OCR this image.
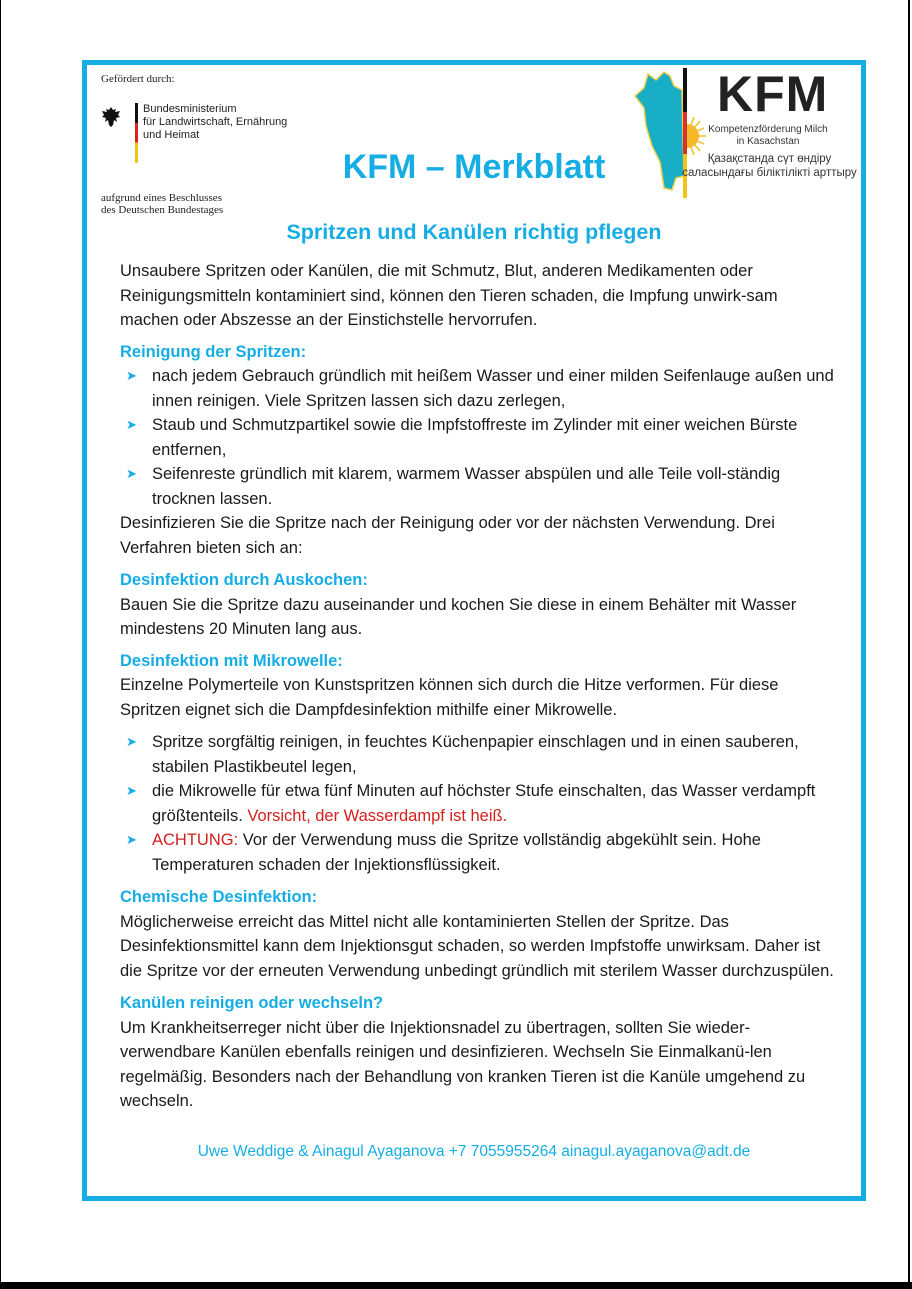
Gefördert durch:
Bundesministerium
für Landwirtschaft, Ernährung
und Heimat
aufgrund eines Beschlusses
des Deutschen Bundestages
KFM
Kompetenzförderung Milch
in Kasachstan
Қазақстанда сүт өндіру
саласындағы біліктілікті арттыру
KFM – Merkblatt
Spritzen und Kanülen richtig pflegen

Unsaubere Spritzen oder Kanülen, die mit Schmutz, Blut, anderen Medikamenten oder Reinigungsmitteln kontaminiert sind, können den Tieren schaden, die Impfung unwirk-sam machen oder Abszesse an der Einstichstelle hervorrufen.

Reinigung der Spritzen:

➤ nach jedem Gebrauch gründlich mit heißem Wasser und einer milden Seifenlauge außen und innen reinigen. Viele Spritzen lassen sich dazu zerlegen,
➤ Staub und Schmutzpartikel sowie die Impfstoffreste im Zylinder mit einer weichen Bürste entfernen,
➤ Seifenreste gründlich mit klarem, warmem Wasser abspülen und alle Teile voll-ständig trocknen lassen.

Desinfizieren Sie die Spritze nach der Reinigung oder vor der nächsten Verwendung. Drei Verfahren bieten sich an:

Desinfektion durch Auskochen:

Bauen Sie die Spritze dazu auseinander und kochen Sie diese in einem Behälter mit Wasser mindestens 20 Minuten lang aus.

Desinfektion mit Mikrowelle:

Einzelne Polymerteile von Kunstspritzen können sich durch die Hitze verformen. Für diese Spritzen eignet sich die Dampfdesinfektion mithilfe einer Mikrowelle.

➤ Spritze sorgfältig reinigen, in feuchtes Küchenpapier einschlagen und in einen sauberen, stabilen Plastikbeutel legen,
➤ die Mikrowelle für etwa fünf Minuten auf höchster Stufe einschalten, das Wasser verdampft größtenteils. Vorsicht, der Wasserdampf ist heiß.
➤ ACHTUNG: Vor der Verwendung muss die Spritze vollständig abgekühlt sein. Hohe Temperaturen schaden der Injektionsflüssigkeit.

Chemische Desinfektion:

Möglicherweise erreicht das Mittel nicht alle kontaminierten Stellen der Spritze. Das Desinfektionsmittel kann dem Injektionsgut schaden, so werden Impfstoffe unwirksam. Daher ist die Spritze vor der erneuten Verwendung unbedingt gründlich mit sterilem Wasser durchzuspülen.

Kanülen reinigen oder wechseln?

Um Krankheitserreger nicht über die Injektionsnadel zu übertragen, sollten Sie wieder-verwendbare Kanülen ebenfalls reinigen und desinfizieren. Wechseln Sie Einmalkanü-len regelmäßig. Besonders nach der Behandlung von kranken Tieren ist die Kanüle umgehend zu wechseln.

Uwe Weddige & Ainagul Ayaganova +7 7055955264 ainagul.ayaganova@adt.de
